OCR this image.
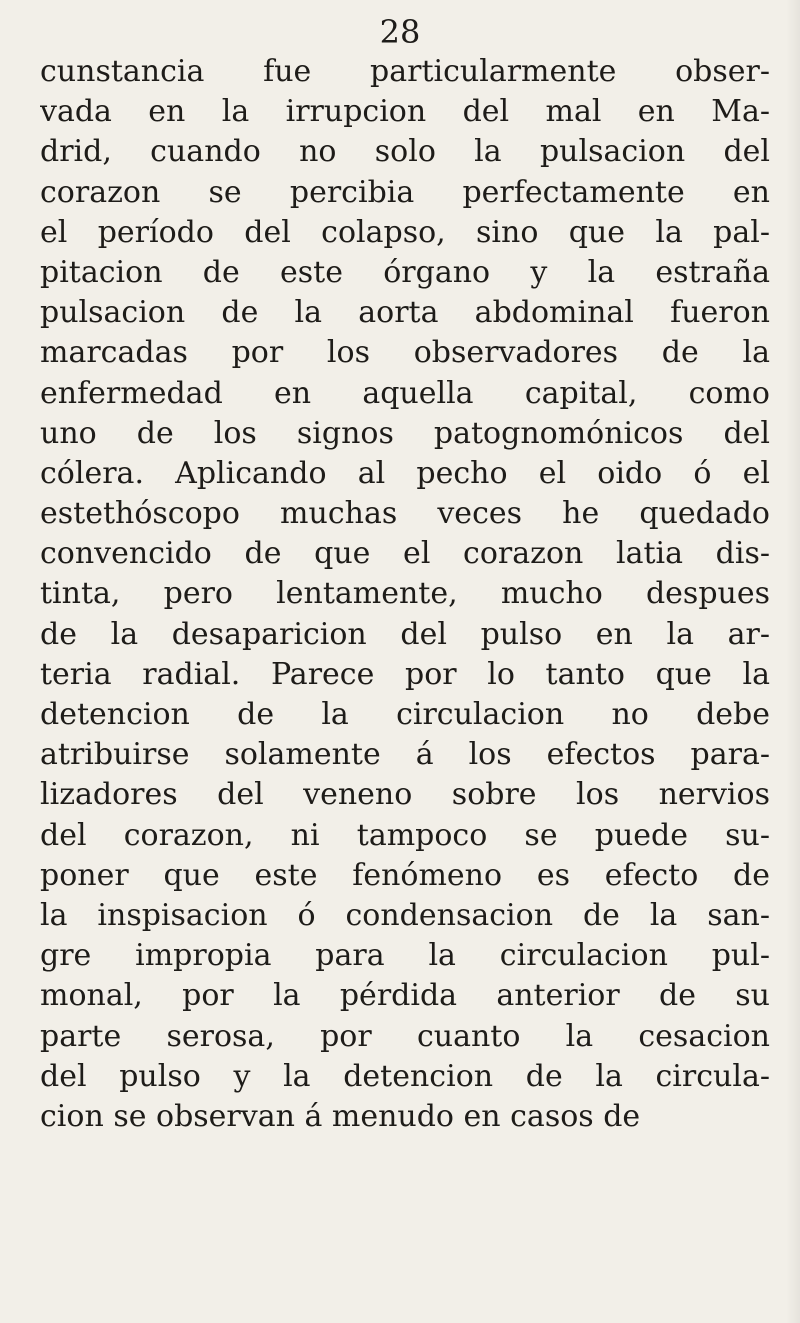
28
cunstancia fue particularmente obser-
vada en la irrupcion del mal en Ma-
drid, cuando no solo la pulsacion del
corazon se percibia perfectamente en
el período del colapso, sino que la pal-
pitacion de este órgano y la estraña
pulsacion de la aorta abdominal fueron
marcadas por los observadores de la
enfermedad en aquella capital, como
uno de los signos patognomónicos del
cólera. Aplicando al pecho el oido ó el
estethóscopo muchas veces he quedado
convencido de que el corazon latia dis-
tinta, pero lentamente, mucho despues
de la desaparicion del pulso en la ar-
teria radial. Parece por lo tanto que la
detencion de la circulacion no debe
atribuirse solamente á los efectos para-
lizadores del veneno sobre los nervios
del corazon, ni tampoco se puede su-
poner que este fenómeno es efecto de
la inspisacion ó condensacion de la san-
gre impropia para la circulacion pul-
monal, por la pérdida anterior de su
parte serosa, por cuanto la cesacion
del pulso y la detencion de la circula-
cion se observan á menudo en casos de
